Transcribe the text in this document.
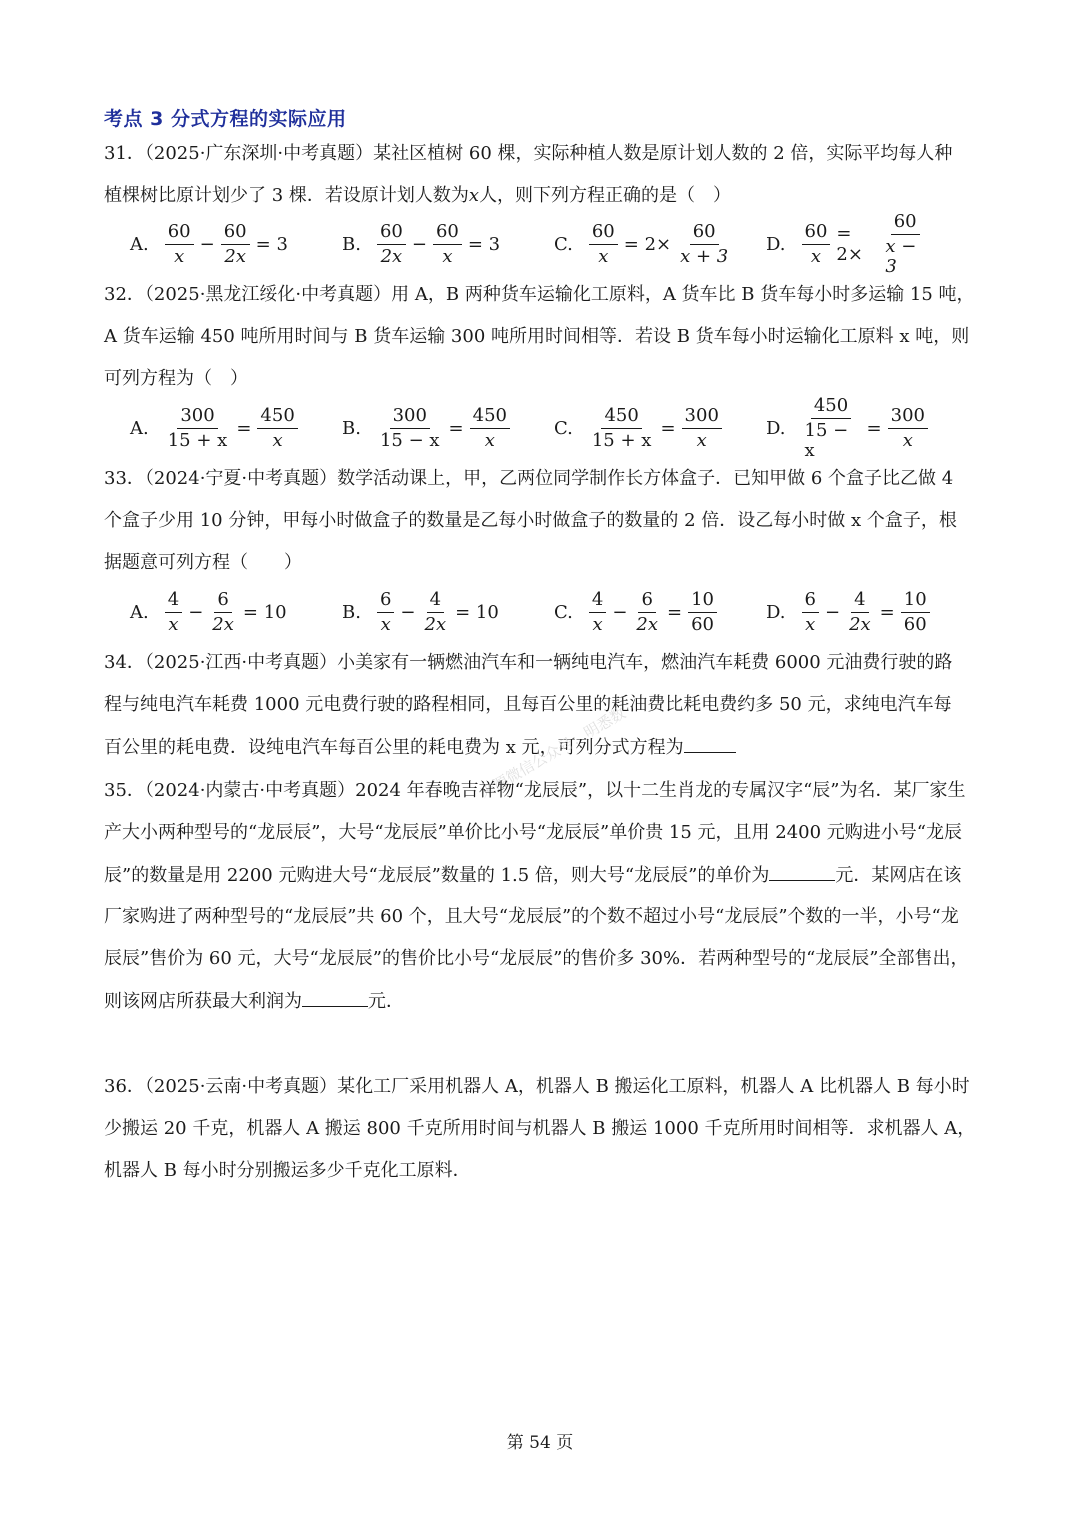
考点 3 分式方程的实际应用
31．（2025·广东深圳·中考真题）某社区植树 60 棵，实际种植人数是原计划人数的 2 倍，实际平均每人种
植棵树比原计划少了 3 棵．若设原计划人数为x人，则下列方程正确的是（　）
A. $\frac{60}{x} - \frac{60}{2x} = 3$	B. $\frac{60}{2x} - \frac{60}{x} = 3$	C. $\frac{60}{x} = 2\times \frac{60}{x + 3} D$. $\frac{60}{x} = 2\times$	$\frac{60}{x - 3}$
32．（2025·黑龙江绥化·中考真题）用 A，B 两种货车运输化工原料，A 货车比 B 货车每小时多运输 15 吨，
A 货车运输 450 吨所用时间与 B 货车运输 300 吨所用时间相等．若设 B 货车每小时运输化工原料 x 吨，则
可列方程为（　）
A. $\frac{300}{15 + x} = \frac{450}{x} B$. $\frac{300}{15 - x} = \frac{450}{x} C$. $\frac{450}{15 + x} = \frac{300}{x} D$. $\frac{450}{15 - x} = \frac{300}{x}$
33．（2024·宁夏·中考真题）数学活动课上，甲，乙两位同学制作长方体盒子．已知甲做 6 个盒子比乙做 4
个盒子少用 10 分钟，甲每小时做盒子的数量是乙每小时做盒子的数量的 2 倍．设乙每小时做 x 个盒子，根
据题意可列方程（　　）
A. $\frac{4}{x} - \frac{6}{2x} = 10$	B. $\frac{6}{x} - \frac{4}{2x} = 10$	C. $\frac{4}{x} - \frac{6}{2x} = \frac{10}{60}$	D. $\frac{6}{x} - \frac{4}{2x} = \frac{10}{60}$
34．（2025·江西·中考真题）小美家有一辆燃油汽车和一辆纯电汽车，燃油汽车耗费 6000 元油费行驶的路
程与纯电汽车耗费 1000 元电费行驶的路程相同，且每百公里的耗油费比耗电费约多 50 元，求纯电汽车每
百公里的耗电费．设纯电汽车每百公里的耗电费为 x 元，可列分式方程为
来源微信公众号：明悉数
35．（2024·内蒙古·中考真题）2024 年春晚吉祥物“龙辰辰”，以十二生肖龙的专属汉字“辰”为名．某厂家生
产大小两种型号的“龙辰辰”，大号“龙辰辰”单价比小号“龙辰辰”单价贵 15 元，且用 2400 元购进小号“龙辰
辰”的数量是用 2200 元购进大号“龙辰辰”数量的 1.5 倍，则大号“龙辰辰”的单价为	元．某网店在该
厂家购进了两种型号的“龙辰辰”共 60 个，且大号“龙辰辰”的个数不超过小号“龙辰辰”个数的一半，小号“龙
辰辰”售价为 60 元，大号“龙辰辰”的售价比小号“龙辰辰”的售价多 30%．若两种型号的“龙辰辰”全部售出，
则该网店所获最大利润为	元．
36．（2025·云南·中考真题）某化工厂采用机器人 A，机器人 B 搬运化工原料，机器人 A 比机器人 B 每小时
少搬运 20 千克，机器人 A 搬运 800 千克所用时间与机器人 B 搬运 1000 千克所用时间相等．求机器人 A，
机器人 B 每小时分别搬运多少千克化工原料．
第 54 页
